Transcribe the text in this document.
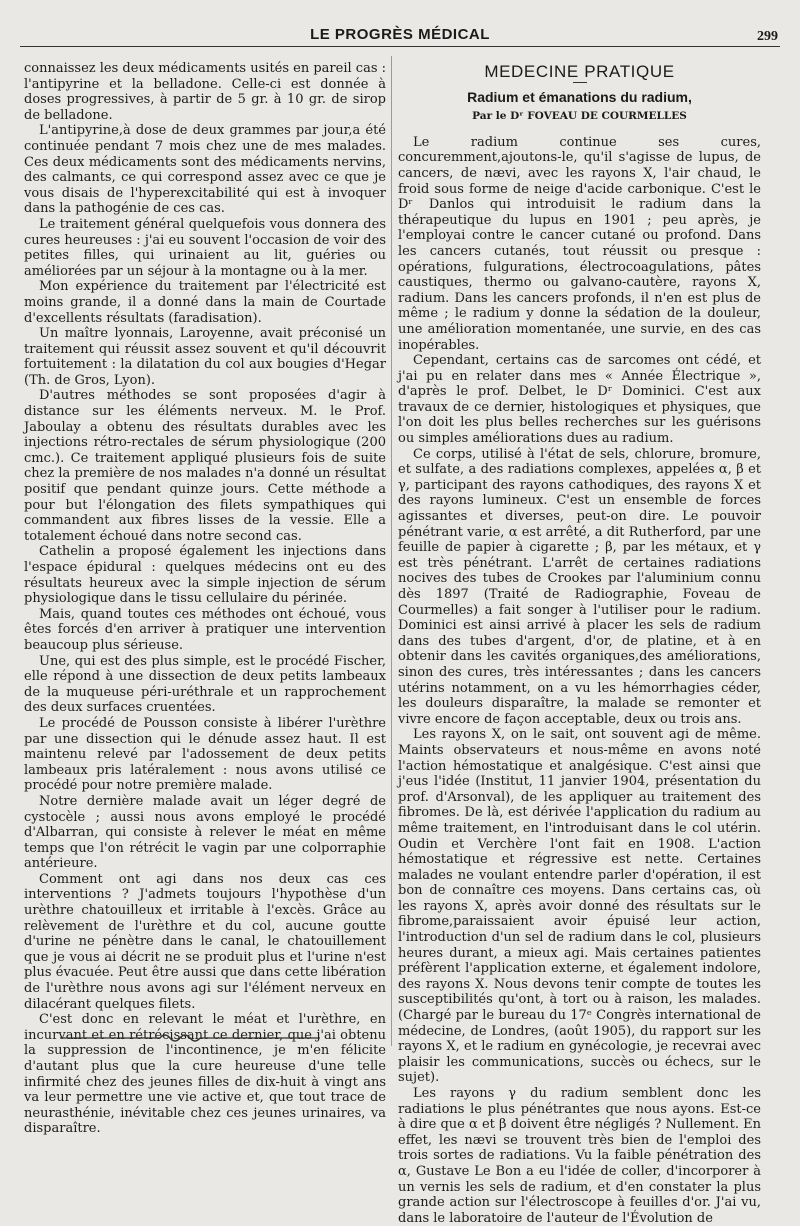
LE PROGRÈS MÉDICAL	299

connaissez les deux médicaments usités en pareil cas : l'antipyrine et la belladone. Celle-ci est donnée à doses progressives, à partir de 5 gr. à 10 gr. de sirop de belladone.

L'antipyrine,à dose de deux grammes par jour,a été continuée pendant 7 mois chez une de mes malades. Ces deux médicaments sont des médicaments nervins, des calmants, ce qui correspond assez avec ce que je vous disais de l'hyperexcitabilité qui est à invoquer dans la pathogénie de ces cas.

Le traitement général quelquefois vous donnera des cures heureuses : j'ai eu souvent l'occasion de voir des petites filles, qui urinaient au lit, guéries ou améliorées par un séjour à la montagne ou à la mer.

Mon expérience du traitement par l'électricité est moins grande, il a donné dans la main de Courtade d'excellents résultats (faradisation).

Un maître lyonnais, Laroyenne, avait préconisé un traitement qui réussit assez souvent et qu'il découvrit fortuitement : la dilatation du col aux bougies d'Hegar (Th. de Gros, Lyon).

D'autres méthodes se sont proposées d'agir à distance sur les éléments nerveux. M. le Prof. Jaboulay a obtenu des résultats durables avec les injections rétro-rectales de sérum physiologique (200 cmc.). Ce traitement appliqué plusieurs fois de suite chez la première de nos malades n'a donné un résultat positif que pendant quinze jours. Cette méthode a pour but l'élongation des filets sympathiques qui commandent aux fibres lisses de la vessie. Elle a totalement échoué dans notre second cas.

Cathelin a proposé également les injections dans l'espace épidural : quelques médecins ont eu des résultats heureux avec la simple injection de sérum physiologique dans le tissu cellulaire du périnée.

Mais, quand toutes ces méthodes ont échoué, vous êtes forcés d'en arriver à pratiquer une intervention beaucoup plus sérieuse.

Une, qui est des plus simple, est le procédé Fischer, elle répond à une dissection de deux petits lambeaux de la muqueuse péri-uréthrale et un rapprochement des deux surfaces cruentées.

Le procédé de Pousson consiste à libérer l'urèthre par une dissection qui le dénude assez haut. Il est maintenu relevé par l'adossement de deux petits lambeaux pris latéralement : nous avons utilisé ce procédé pour notre première malade.

Notre dernière malade avait un léger degré de cystocèle ; aussi nous avons employé le procédé d'Albarran, qui consiste à relever le méat en même temps que l'on rétrécit le vagin par une colporraphie antérieure.

Comment ont agi dans nos deux cas ces interventions ? J'admets toujours l'hypothèse d'un urèthre chatouilleux et irritable à l'excès. Grâce au relèvement de l'urèthre et du col, aucune goutte d'urine ne pénètre dans le canal, le chatouillement que je vous ai décrit ne se produit plus et l'urine n'est plus évacuée. Peut être aussi que dans cette libération de l'urèthre nous avons agi sur l'élément nerveux en dilacérant quelques filets.

C'est donc en relevant le méat et l'urèthre, en incurvant et en rétrécissant ce dernier, que j'ai obtenu la suppression de l'incontinence, je m'en félicite d'autant plus que la cure heureuse d'une telle infirmité chez des jeunes filles de dix-huit à vingt ans va leur permettre une vie active et, que tout trace de neurasthénie, inévitable chez ces jeunes urinaires, va disparaître.

MEDECINE PRATIQUE
Radium et émanations du radium,
Par le Dʳ FOVEAU DE COURMELLES

Le radium continue ses cures, concuremment,ajoutons-le, qu'il s'agisse de lupus, de cancers, de nævi, avec les rayons X, l'air chaud, le froid sous forme de neige d'acide carbonique. C'est le Dʳ Danlos qui introduisit le radium dans la thérapeutique du lupus en 1901 ; peu après, je l'employai contre le cancer cutané ou profond. Dans les cancers cutanés, tout réussit ou presque : opérations, fulgurations, électrocoagulations, pâtes caustiques, thermo ou galvano-cautère, rayons X, radium. Dans les cancers profonds, il n'en est plus de même ; le radium y donne la sédation de la douleur, une amélioration momentanée, une survie, en des cas inopérables.

Cependant, certains cas de sarcomes ont cédé, et j'ai pu en relater dans mes « Année Électrique », d'après le prof. Delbet, le Dʳ Dominici. C'est aux travaux de ce dernier, histologiques et physiques, que l'on doit les plus belles recherches sur les guérisons ou simples améliorations dues au radium.

Ce corps, utilisé à l'état de sels, chlorure, bromure, et sulfate, a des radiations complexes, appelées α, β et γ, participant des rayons cathodiques, des rayons X et des rayons lumineux. C'est un ensemble de forces agissantes et diverses, peut-on dire. Le pouvoir pénétrant varie, α est arrêté, a dit Rutherford, par une feuille de papier à cigarette ; β, par les métaux, et γ est très pénétrant. L'arrêt de certaines radiations nocives des tubes de Crookes par l'aluminium connu dès 1897 (Traité de Radiographie, Foveau de Courmelles) a fait songer à l'utiliser pour le radium. Dominici est ainsi arrivé à placer les sels de radium dans des tubes d'argent, d'or, de platine, et à en obtenir dans les cavités organiques,des améliorations, sinon des cures, très intéressantes ; dans les cancers utérins notamment, on a vu les hémorrhagies céder, les douleurs disparaître, la malade se remonter et vivre encore de façon acceptable, deux ou trois ans.

Les rayons X, on le sait, ont souvent agi de même. Maints observateurs et nous-même en avons noté l'action hémostatique et analgésique. C'est ainsi que j'eus l'idée (Institut, 11 janvier 1904, présentation du prof. d'Arsonval), de les appliquer au traitement des fibromes. De là, est dérivée l'application du radium au même traitement, en l'introduisant dans le col utérin. Oudin et Verchère l'ont fait en 1908. L'action hémostatique et régressive est nette. Certaines malades ne voulant entendre parler d'opération, il est bon de connaître ces moyens. Dans certains cas, où les rayons X, après avoir donné des résultats sur le fibrome,paraissaient avoir épuisé leur action, l'introduction d'un sel de radium dans le col, plusieurs heures durant, a mieux agi. Mais certaines patientes préfèrent l'application externe, et également indolore, des rayons X. Nous devons tenir compte de toutes les susceptibilités qu'ont, à tort ou à raison, les malades. (Chargé par le bureau du 17ᵉ Congrès international de médecine, de Londres, (août 1905), du rapport sur les rayons X, et le radium en gynécologie, je recevrai avec plaisir les communications, succès ou échecs, sur le sujet).

Les rayons γ du radium semblent donc les radiations le plus pénétrantes que nous ayons. Est-ce à dire que α et β doivent être négligés ? Nullement. En effet, les nævi se trouvent très bien de l'emploi des trois sortes de radiations. Vu la faible pénétration des α, Gustave Le Bon a eu l'idée de coller, d'incorporer à un vernis les sels de radium, et d'en constater la plus grande action sur l'électroscope à feuilles d'or. J'ai vu, dans le laboratoire de l'auteur de l'Évolution de
